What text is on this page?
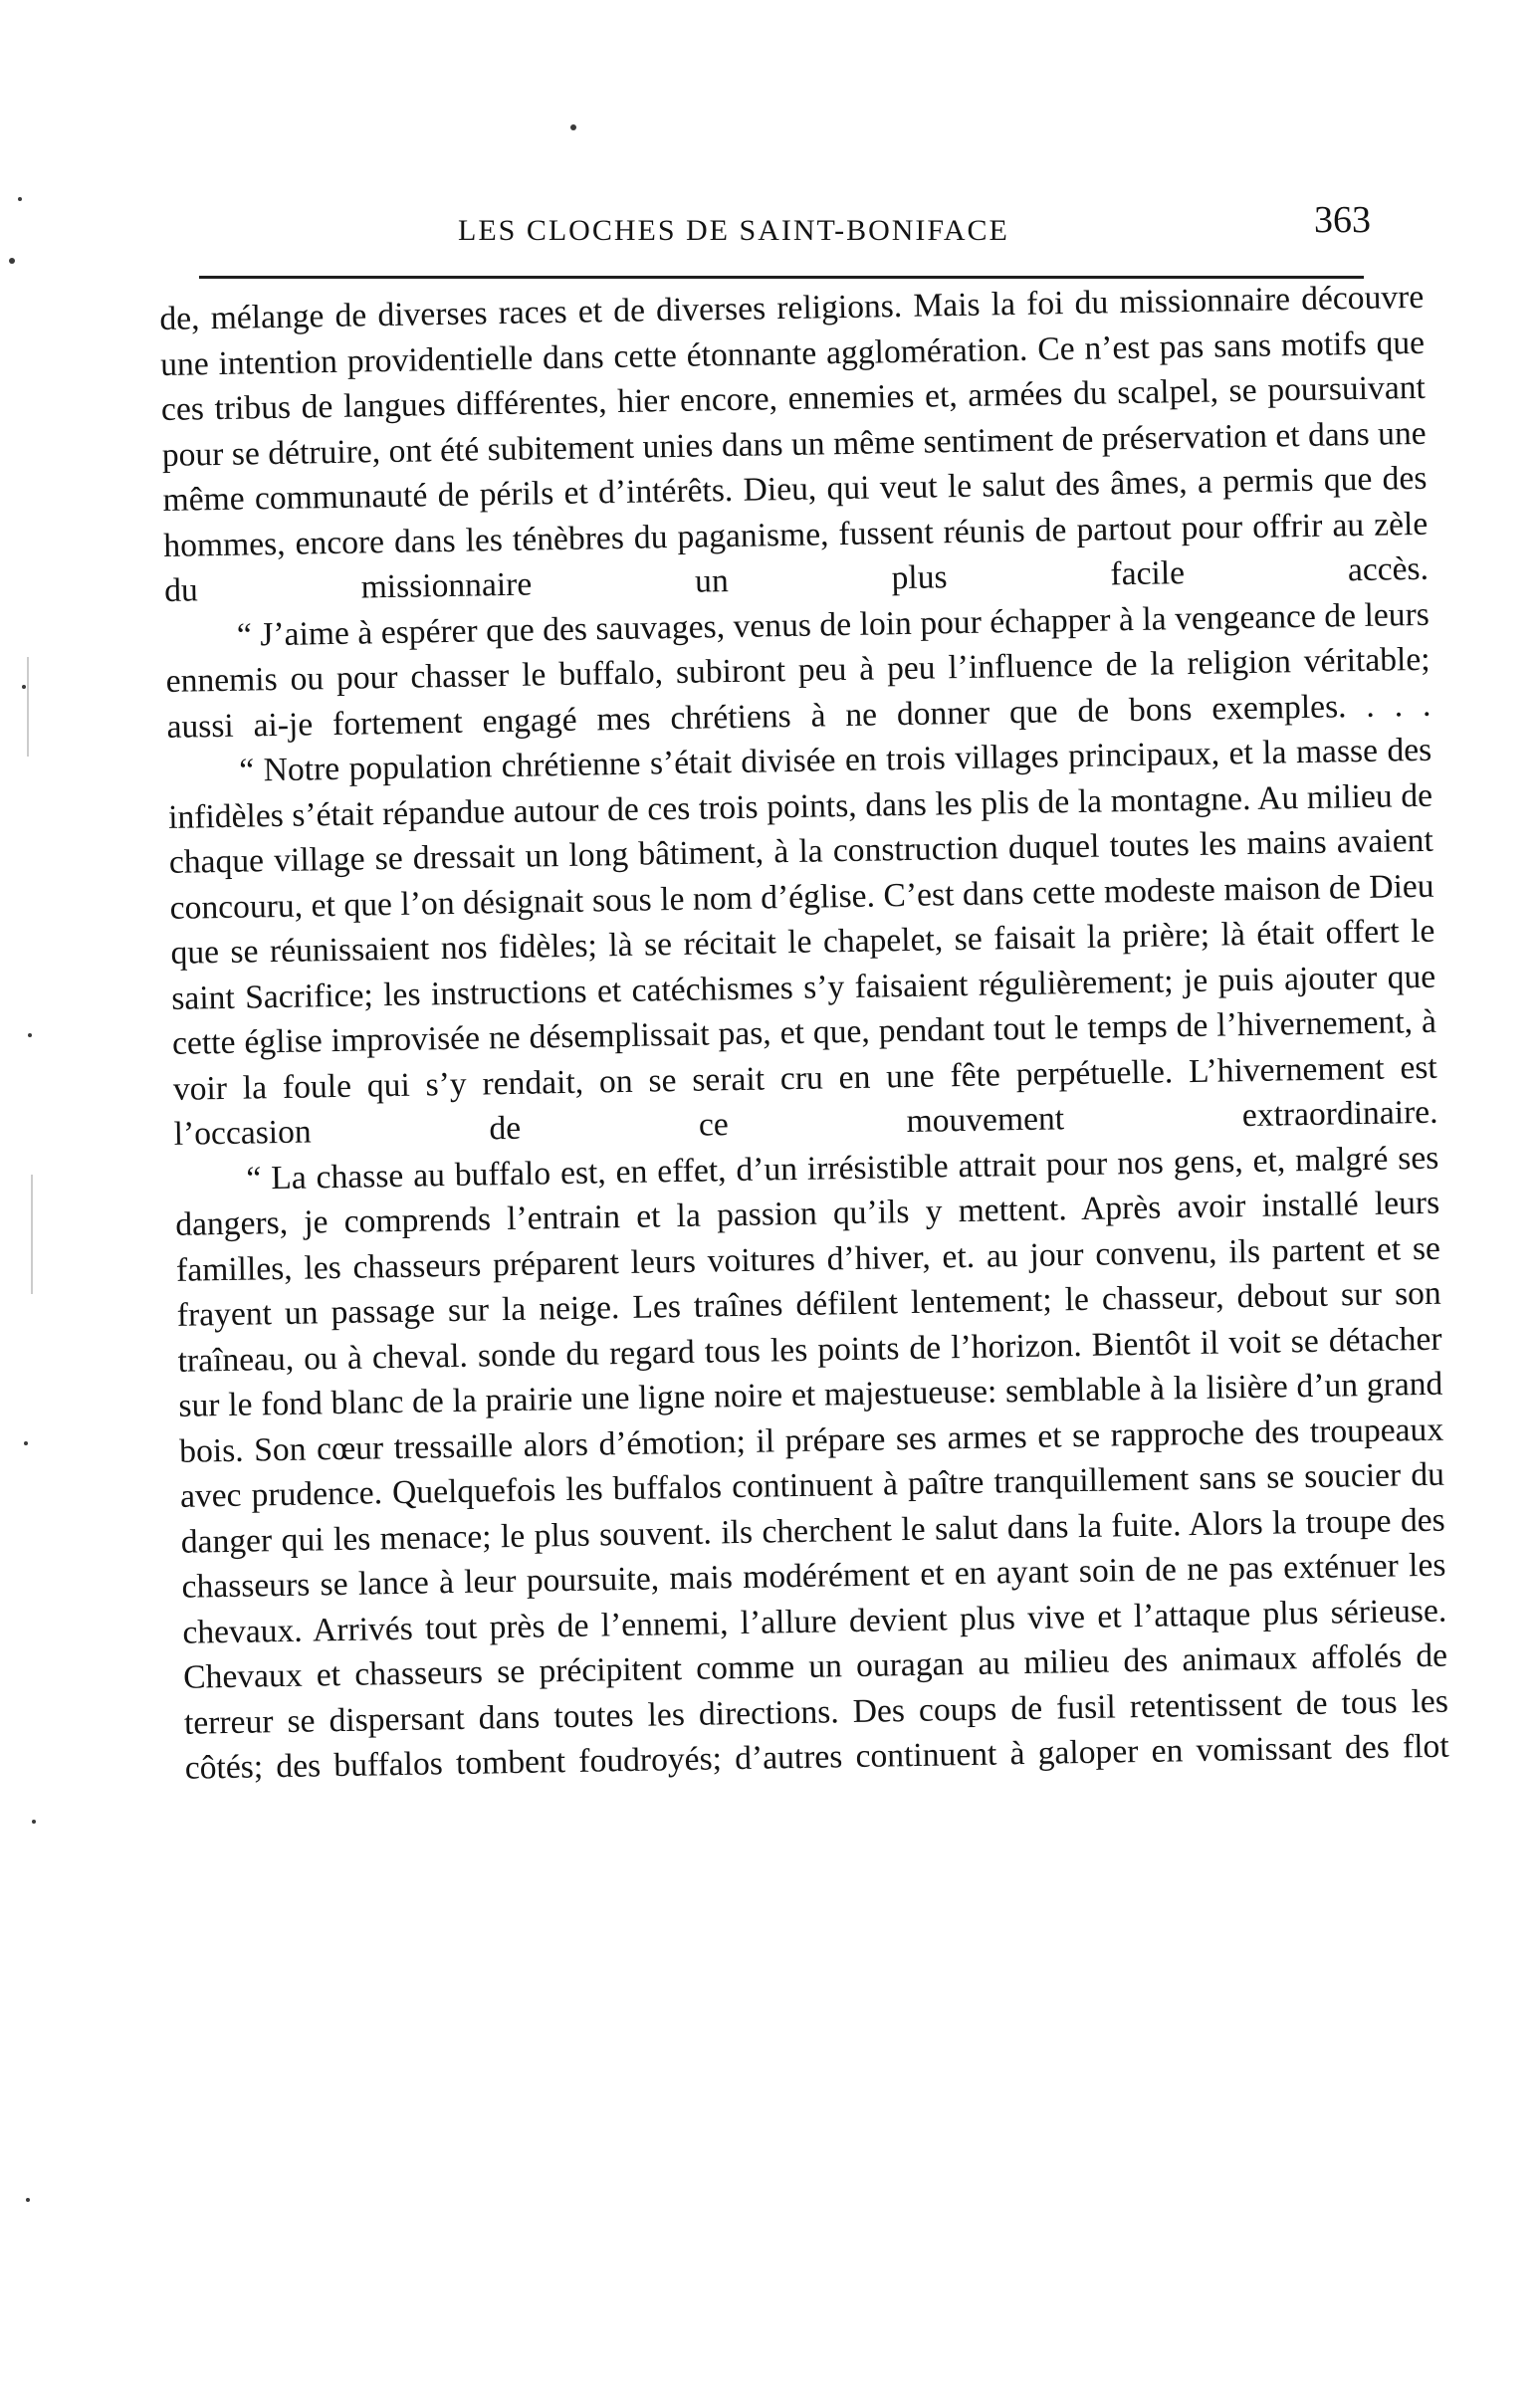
LES CLOCHES DE SAINT-BONIFACE	363

de, mélange de diverses races et de diverses religions. Mais la foi du missionnaire découvre une intention providentielle dans cette étonnante agglomération. Ce n’est pas sans motifs que ces tribus de langues différentes, hier encore, ennemies et, armées du scalpel, se poursuivant pour se détruire, ont été subitement unies dans un même sentiment de préservation et dans une même communauté de périls et d’intérêts. Dieu, qui veut le salut des âmes, a permis que des hommes, encore dans les ténèbres du paganisme, fussent réunis de partout pour offrir au zèle du missionnaire un plus facile accès.

“ J’aime à espérer que des sauvages, venus de loin pour échapper à la vengeance de leurs ennemis ou pour chasser le buffalo, subiront peu à peu l’influence de la religion véritable; aussi ai-je fortement engagé mes chrétiens à ne donner que de bons exemples. . . .

“ Notre population chrétienne s’était divisée en trois villages principaux, et la masse des infidèles s’était répandue autour de ces trois points, dans les plis de la montagne. Au milieu de chaque village se dressait un long bâtiment, à la construction duquel toutes les mains avaient concouru, et que l’on désignait sous le nom d’église. C’est dans cette modeste maison de Dieu que se réunissaient nos fidèles; là se récitait le chapelet, se faisait la prière; là était offert le saint Sacrifice; les instructions et catéchismes s’y faisaient régulièrement; je puis ajouter que cette église improvisée ne désemplissait pas, et que, pendant tout le temps de l’hivernement, à voir la foule qui s’y rendait, on se serait cru en une fête perpétuelle. L’hivernement est l’occasion de ce mouvement extraordinaire.

“ La chasse au buffalo est, en effet, d’un irrésistible attrait pour nos gens, et, malgré ses dangers, je comprends l’entrain et la passion qu’ils y mettent. Après avoir installé leurs familles, les chasseurs préparent leurs voitures d’hiver, et. au jour convenu, ils partent et se frayent un passage sur la neige. Les traînes défilent lentement; le chasseur, debout sur son traîneau, ou à cheval. sonde du regard tous les points de l’horizon. Bientôt il voit se détacher sur le fond blanc de la prairie une ligne noire et majestueuse: semblable à la lisière d’un grand bois. Son cœur tressaille alors d’émotion; il prépare ses armes et se rapproche des troupeaux avec prudence. Quelquefois les buffalos continuent à paître tranquillement sans se soucier du danger qui les menace; le plus souvent. ils cherchent le salut dans la fuite. Alors la troupe des chasseurs se lance à leur poursuite, mais modérément et en ayant soin de ne pas exténuer les chevaux. Arrivés tout près de l’ennemi, l’allure devient plus vive et l’attaque plus sérieuse. Chevaux et chasseurs se précipitent comme un ouragan au milieu des animaux affolés de terreur se dispersant dans toutes les directions. Des coups de fusil retentissent de tous les côtés; des buffalos tombent foudroyés; d’autres continuent à galoper en vomissant des flot
